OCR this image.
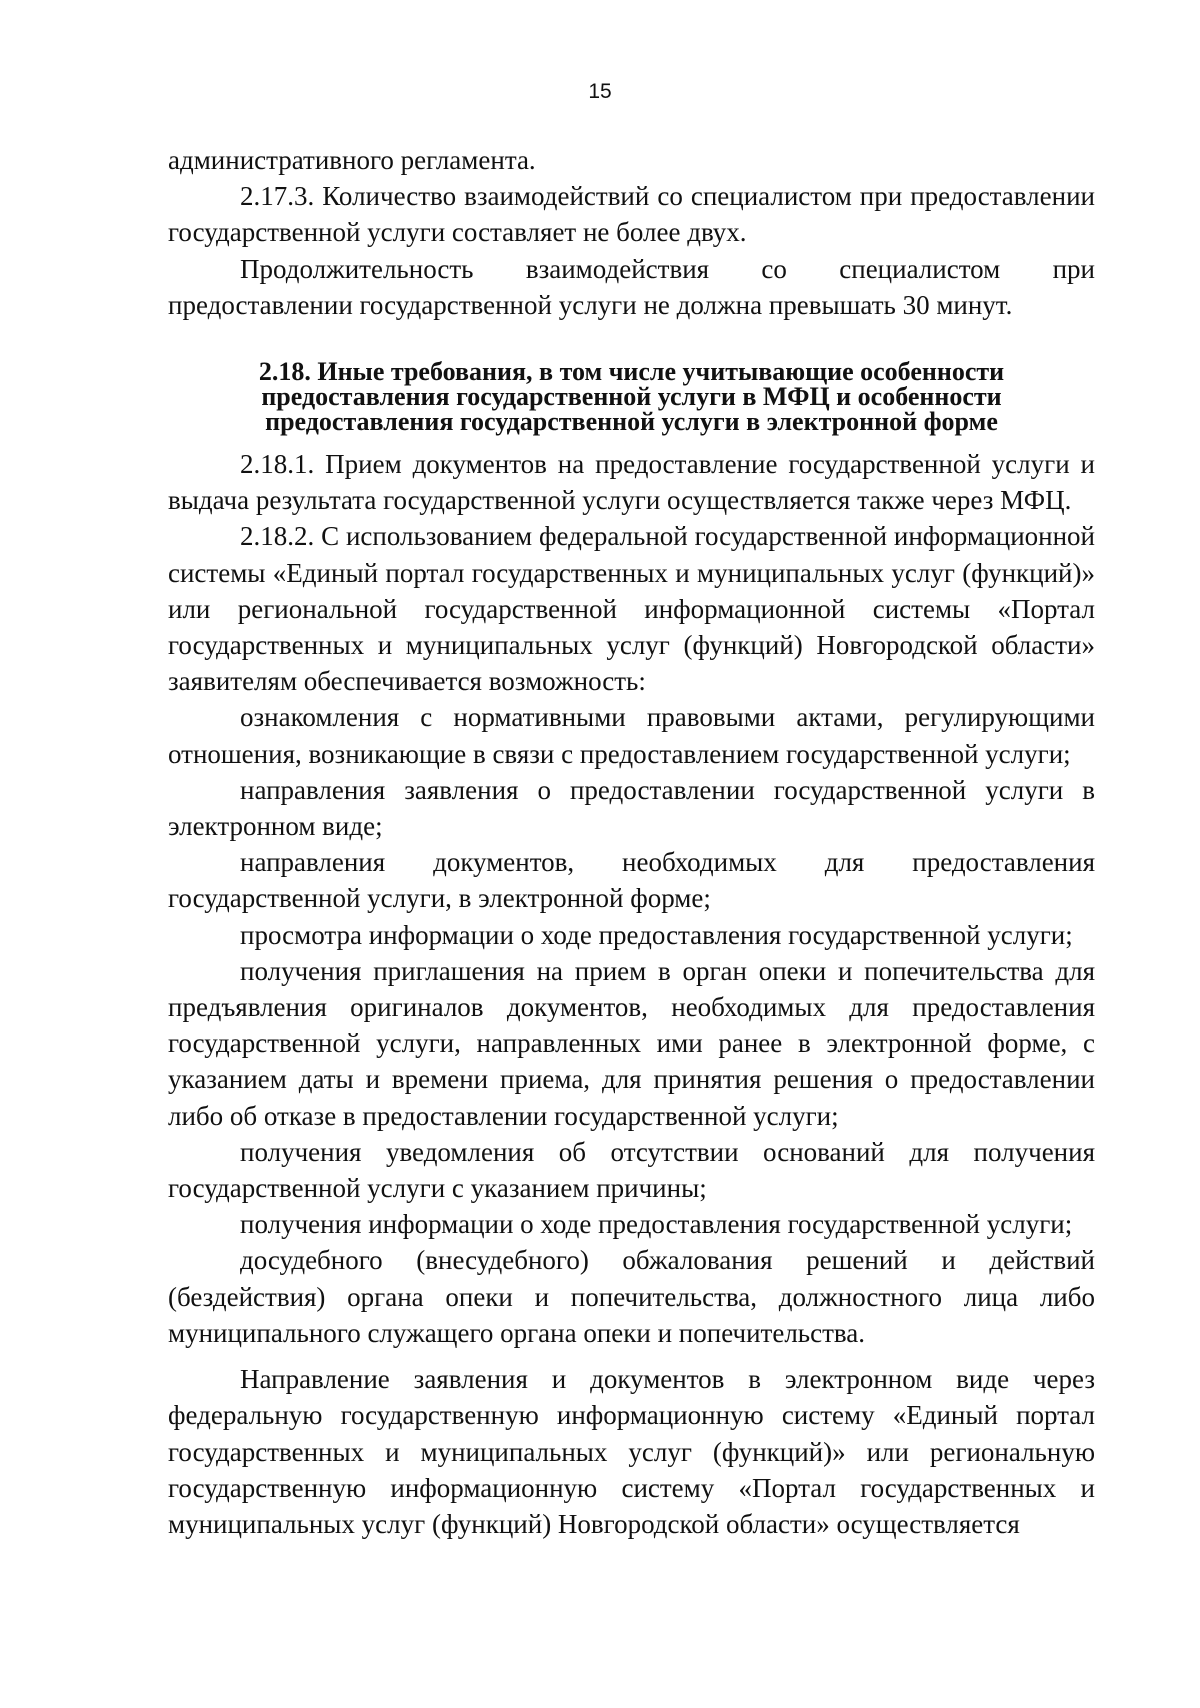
15

административного регламента.

2.17.3. Количество взаимодействий со специалистом при предоставлении государственной услуги составляет не более двух.

Продолжительность взаимодействия со специалистом при предоставлении государственной услуги не должна превышать 30 минут.

2.18. Иные требования, в том числе учитывающие особенности
предоставления государственной услуги в МФЦ и особенности
предоставления государственной услуги в электронной форме

2.18.1. Прием документов на предоставление государственной услуги и выдача результата государственной услуги осуществляется также через МФЦ.

2.18.2. С использованием федеральной государственной информационной системы «Единый портал государственных и муниципальных услуг (функций)» или региональной государственной информационной системы «Портал государственных и муниципальных услуг (функций) Новгородской области» заявителям обеспечивается возможность:

ознакомления с нормативными правовыми актами, регулирующими отношения, возникающие в связи с предоставлением государственной услуги;

направления заявления о предоставлении государственной услуги в электронном виде;

направления документов, необходимых для предоставления государственной услуги, в электронной форме;

просмотра информации о ходе предоставления государственной услуги;

получения приглашения на прием в орган опеки и попечительства для предъявления оригиналов документов, необходимых для предоставления государственной услуги, направленных ими ранее в электронной форме, с указанием даты и времени приема, для принятия решения о предоставлении либо об отказе в предоставлении государственной услуги;

получения уведомления об отсутствии оснований для получения государственной услуги с указанием причины;

получения информации о ходе предоставления государственной услуги;

досудебного (внесудебного) обжалования решений и действий (бездействия) органа опеки и попечительства, должностного лица либо муниципального служащего органа опеки и попечительства.

Направление заявления и документов в электронном виде через федеральную государственную информационную систему «Единый портал государственных и муниципальных услуг (функций)» или региональную государственную информационную систему «Портал государственных и муниципальных услуг (функций) Новгородской области» осуществляется
